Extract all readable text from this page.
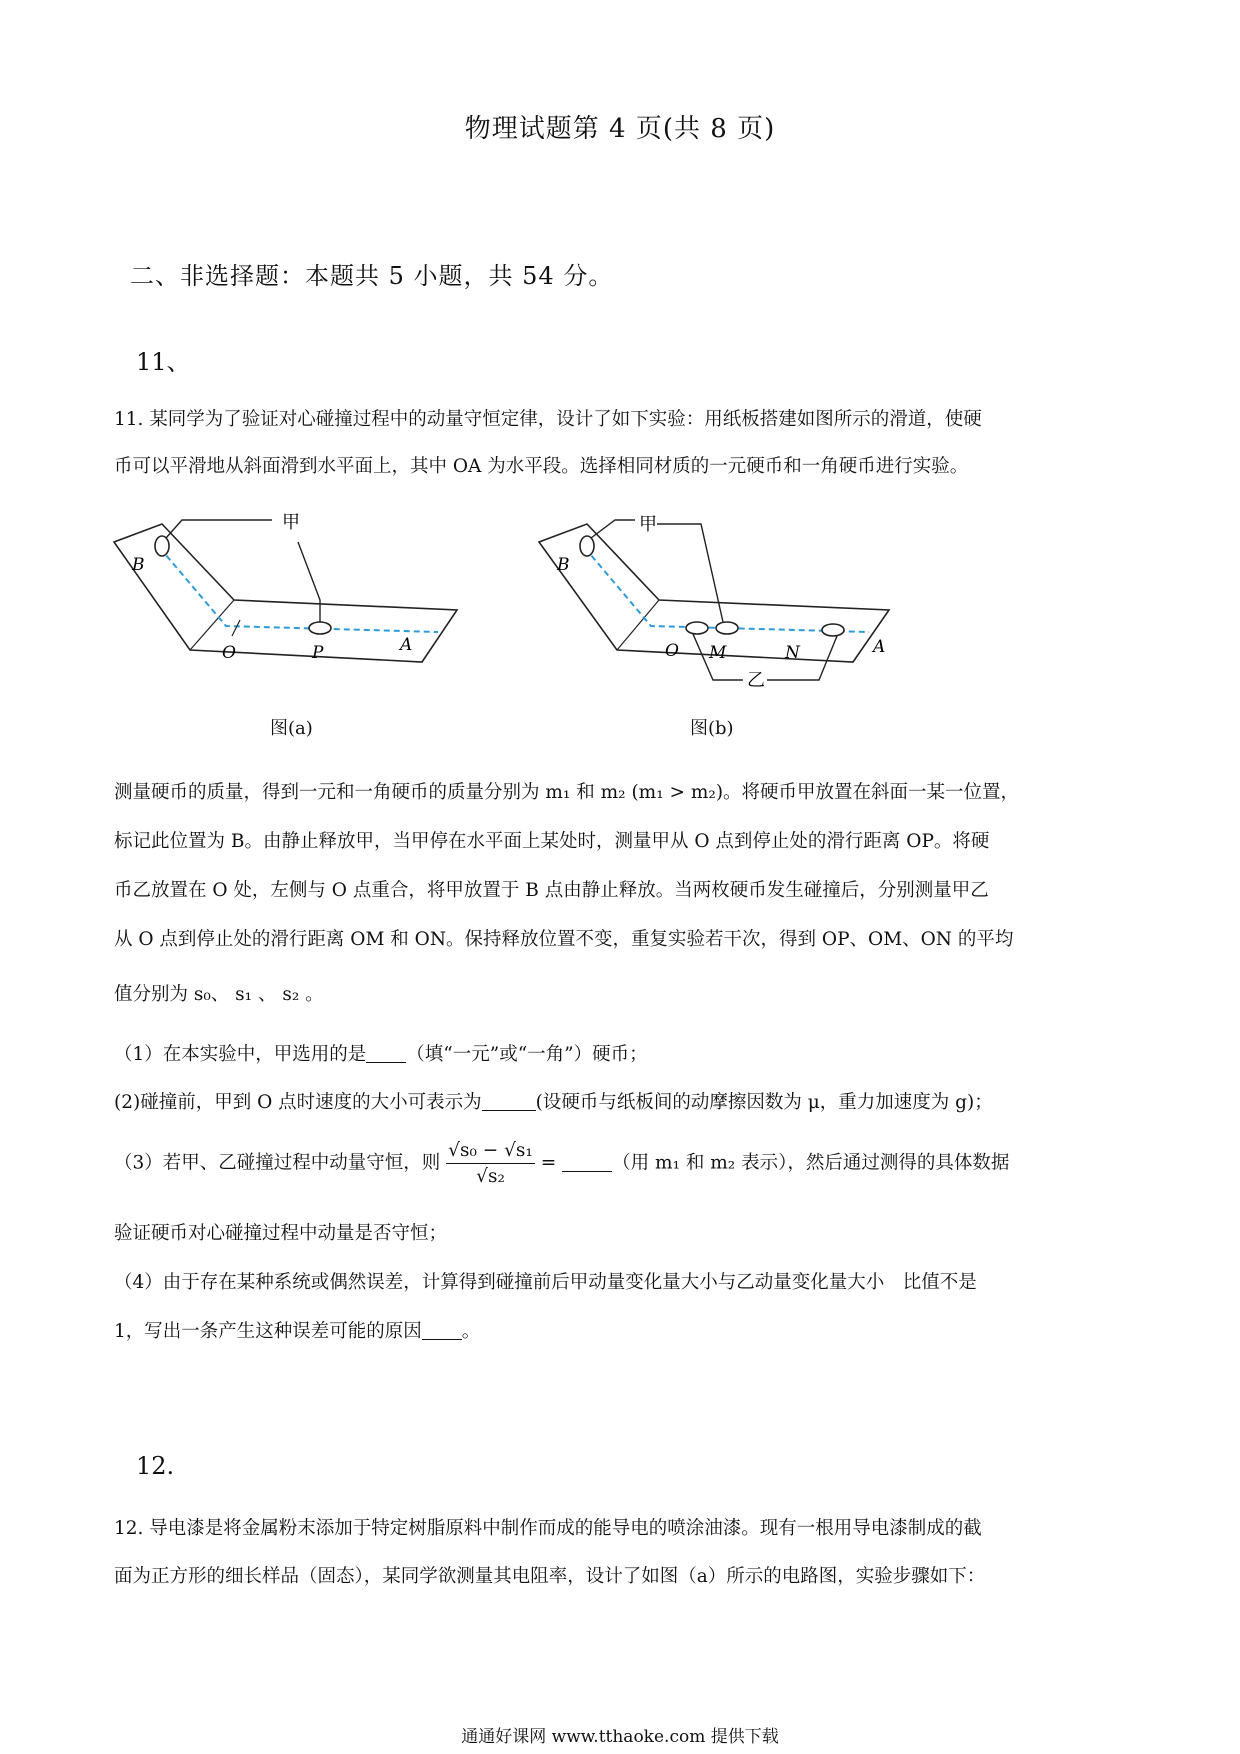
物理试题第 4 页(共 8 页)
二、非选择题：本题共 5 小题，共 54 分。
11、
11. 某同学为了验证对心碰撞过程中的动量守恒定律，设计了如下实验：用纸板搭建如图所示的滑道，使硬
币可以平滑地从斜面滑到水平面上，其中 OA 为水平段。选择相同材质的一元硬币和一角硬币进行实验。
甲
B
O	P	A
图(a)
甲
乙
B
O M	N	A
图(b)
测量硬币的质量，得到一元和一角硬币的质量分别为 m₁ 和 m₂ (m₁ > m₂)。将硬币甲放置在斜面一某一位置，
标记此位置为 B。由静止释放甲，当甲停在水平面上某处时，测量甲从 O 点到停止处的滑行距离 OP。将硬
币乙放置在 O 处，左侧与 O 点重合，将甲放置于 B 点由静止释放。当两枚硬币发生碰撞后，分别测量甲乙
从 O 点到停止处的滑行距离 OM 和 ON。保持释放位置不变，重复实验若干次，得到 OP、OM、ON 的平均
值分别为 s₀、 s₁ 、 s₂ 。
（1）在本实验中，甲选用的是 （填“一元”或“一角”）硬币；
(2)碰撞前，甲到 O 点时速度的大小可表示为	(设硬币与纸板间的动摩擦因数为 μ，重力加速度为 g)；
（3）若甲、乙碰撞过程中动量守恒，则 $\frac{\text{√s₀ − √s₁}}{\text{√s₂}}$ =	（用 m₁ 和 m₂ 表示），然后通过测得的具体数据
验证硬币对心碰撞过程中动量是否守恒；
（4）由于存在某种系统或偶然误差，计算得到碰撞前后甲动量变化量大小与乙动量变化量大小　比值不是
1，写出一条产生这种误差可能的原因 。
12.
12. 导电漆是将金属粉末添加于特定树脂原料中制作而成的能导电的喷涂油漆。现有一根用导电漆制成的截
面为正方形的细长样品（固态），某同学欲测量其电阻率，设计了如图（a）所示的电路图，实验步骤如下：
通通好课网 www.tthaoke.com 提供下载
